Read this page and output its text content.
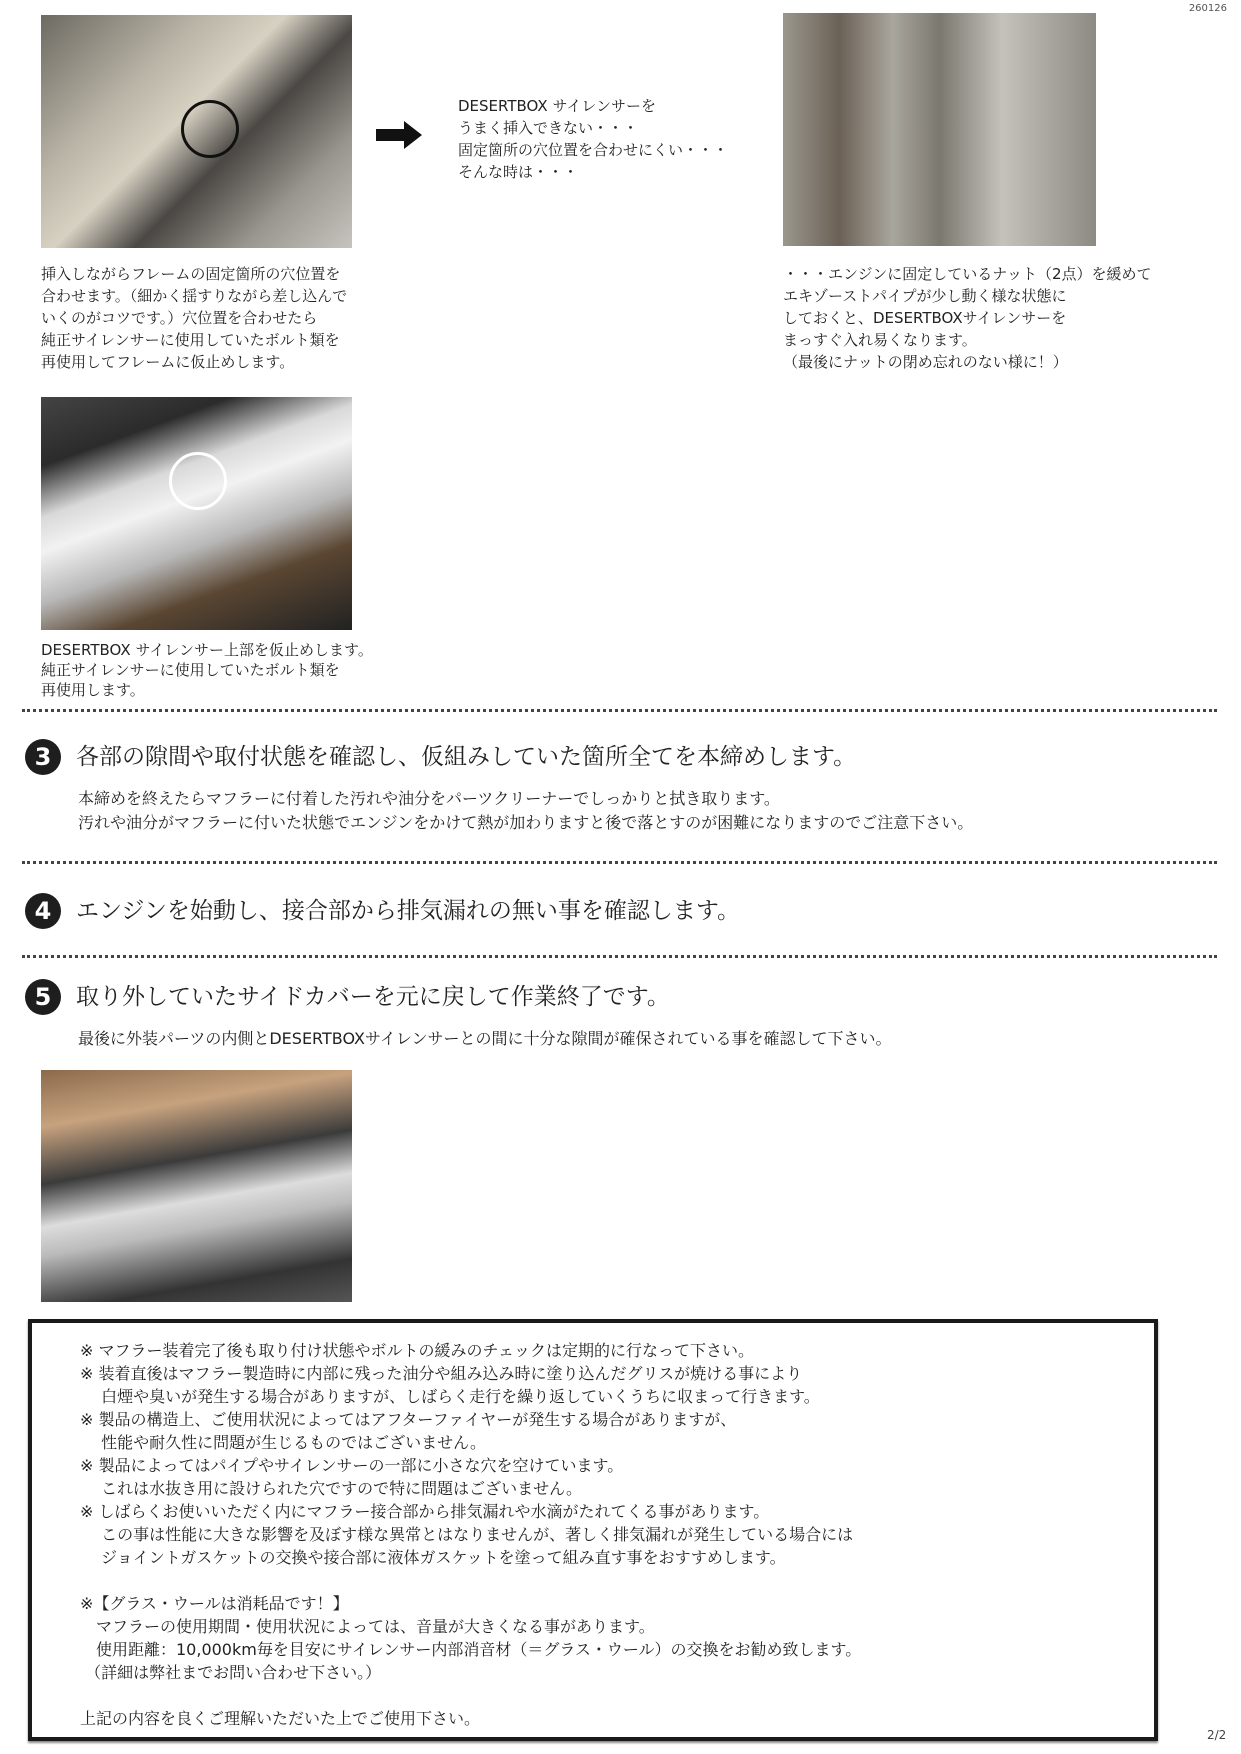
260126
DESERTBOX サイレンサーを
うまく挿入できない・・・
固定箇所の穴位置を合わせにくい・・・
そんな時は・・・
挿入しながらフレームの固定箇所の穴位置を
合わせます。（細かく揺すりながら差し込んで
いくのがコツです。）穴位置を合わせたら
純正サイレンサーに使用していたボルト類を
再使用してフレームに仮止めします。
・・・エンジンに固定しているナット（2点）を緩めて
エキゾーストパイプが少し動く様な状態に
しておくと、DESERTBOXサイレンサーを
まっすぐ入れ易くなります。
（最後にナットの閉め忘れのない様に！）
DESERTBOX サイレンサー上部を仮止めします。
純正サイレンサーに使用していたボルト類を
再使用します。
3	各部の隙間や取付状態を確認し、仮組みしていた箇所全てを本締めします。
本締めを終えたらマフラーに付着した汚れや油分をパーツクリーナーでしっかりと拭き取ります。
汚れや油分がマフラーに付いた状態でエンジンをかけて熱が加わりますと後で落とすのが困難になりますのでご注意下さい。
4	エンジンを始動し、接合部から排気漏れの無い事を確認します。
5	取り外していたサイドカバーを元に戻して作業終了です。
最後に外装パーツの内側とDESERTBOXサイレンサーとの間に十分な隙間が確保されている事を確認して下さい。
※ マフラー装着完了後も取り付け状態やボルトの緩みのチェックは定期的に行なって下さい。
※ 装着直後はマフラー製造時に内部に残った油分や組み込み時に塗り込んだグリスが焼ける事により
　 白煙や臭いが発生する場合がありますが、しばらく走行を繰り返していくうちに収まって行きます。
※ 製品の構造上、ご使用状況によってはアフターファイヤーが発生する場合がありますが、
　 性能や耐久性に問題が生じるものではございません。
※ 製品によってはパイプやサイレンサーの一部に小さな穴を空けています。
　 これは水抜き用に設けられた穴ですので特に問題はございません。
※ しばらくお使いいただく内にマフラー接合部から排気漏れや水滴がたれてくる事があります。
　 この事は性能に大きな影響を及ぼす様な異常とはなりませんが、著しく排気漏れが発生している場合には
　 ジョイントガスケットの交換や接合部に液体ガスケットを塗って組み直す事をおすすめします。
※【グラス・ウールは消耗品です！】
　マフラーの使用期間・使用状況によっては、音量が大きくなる事があります。
　使用距離：10,000km毎を目安にサイレンサー内部消音材（＝グラス・ウール）の交換をお勧め致します。
（詳細は弊社までお問い合わせ下さい。）
上記の内容を良くご理解いただいた上でご使用下さい。
2/2
